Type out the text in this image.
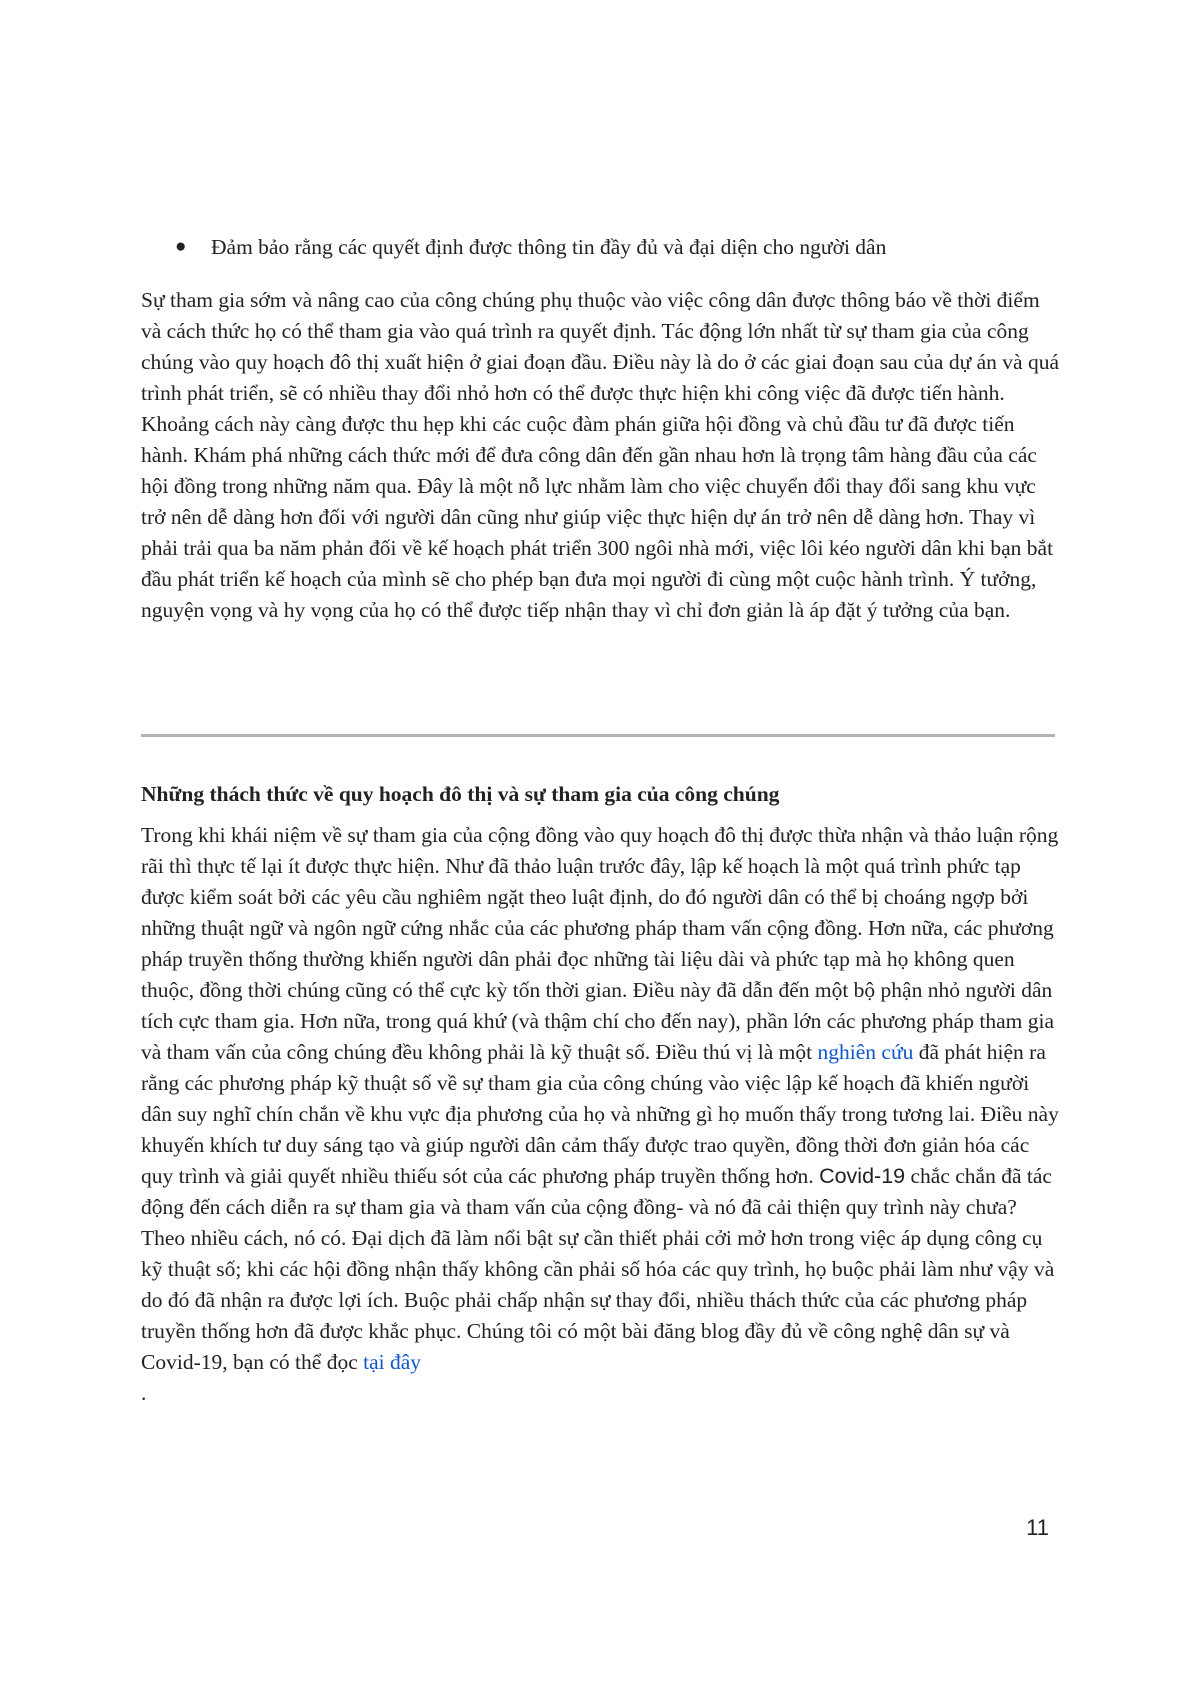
● Đảm bảo rằng các quyết định được thông tin đầy đủ và đại diện cho người dân

Sự tham gia sớm và nâng cao của công chúng phụ thuộc vào việc công dân được thông báo về thời điểm và cách thức họ có thể tham gia vào quá trình ra quyết định. Tác động lớn nhất từ sự tham gia của công chúng vào quy hoạch đô thị xuất hiện ở giai đoạn đầu. Điều này là do ở các giai đoạn sau của dự án và quá trình phát triển, sẽ có nhiều thay đổi nhỏ hơn có thể được thực hiện khi công việc đã được tiến hành. Khoảng cách này càng được thu hẹp khi các cuộc đàm phán giữa hội đồng và chủ đầu tư đã được tiến hành. Khám phá những cách thức mới để đưa công dân đến gần nhau hơn là trọng tâm hàng đầu của các hội đồng trong những năm qua. Đây là một nỗ lực nhằm làm cho việc chuyển đổi thay đổi sang khu vực trở nên dễ dàng hơn đối với người dân cũng như giúp việc thực hiện dự án trở nên dễ dàng hơn. Thay vì phải trải qua ba năm phản đối về kế hoạch phát triển 300 ngôi nhà mới, việc lôi kéo người dân khi bạn bắt đầu phát triển kế hoạch của mình sẽ cho phép bạn đưa mọi người đi cùng một cuộc hành trình. Ý tưởng, nguyện vọng và hy vọng của họ có thể được tiếp nhận thay vì chỉ đơn giản là áp đặt ý tưởng của bạn.

Những thách thức về quy hoạch đô thị và sự tham gia của công chúng

Trong khi khái niệm về sự tham gia của cộng đồng vào quy hoạch đô thị được thừa nhận và thảo luận rộng rãi thì thực tế lại ít được thực hiện. Như đã thảo luận trước đây, lập kế hoạch là một quá trình phức tạp được kiểm soát bởi các yêu cầu nghiêm ngặt theo luật định, do đó người dân có thể bị choáng ngợp bởi những thuật ngữ và ngôn ngữ cứng nhắc của các phương pháp tham vấn cộng đồng. Hơn nữa, các phương pháp truyền thống thường khiến người dân phải đọc những tài liệu dài và phức tạp mà họ không quen thuộc, đồng thời chúng cũng có thể cực kỳ tốn thời gian. Điều này đã dẫn đến một bộ phận nhỏ người dân tích cực tham gia. Hơn nữa, trong quá khứ (và thậm chí cho đến nay), phần lớn các phương pháp tham gia và tham vấn của công chúng đều không phải là kỹ thuật số. Điều thú vị là một nghiên cứu đã phát hiện ra rằng các phương pháp kỹ thuật số về sự tham gia của công chúng vào việc lập kế hoạch đã khiến người dân suy nghĩ chín chắn về khu vực địa phương của họ và những gì họ muốn thấy trong tương lai. Điều này khuyến khích tư duy sáng tạo và giúp người dân cảm thấy được trao quyền, đồng thời đơn giản hóa các quy trình và giải quyết nhiều thiếu sót của các phương pháp truyền thống hơn. Covid-19 chắc chắn đã tác động đến cách diễn ra sự tham gia và tham vấn của cộng đồng- và nó đã cải thiện quy trình này chưa? Theo nhiều cách, nó có. Đại dịch đã làm nổi bật sự cần thiết phải cởi mở hơn trong việc áp dụng công cụ kỹ thuật số; khi các hội đồng nhận thấy không cần phải số hóa các quy trình, họ buộc phải làm như vậy và do đó đã nhận ra được lợi ích. Buộc phải chấp nhận sự thay đổi, nhiều thách thức của các phương pháp truyền thống hơn đã được khắc phục. Chúng tôi có một bài đăng blog đầy đủ về công nghệ dân sự và Covid-19, bạn có thể đọc tại đây
.

11
